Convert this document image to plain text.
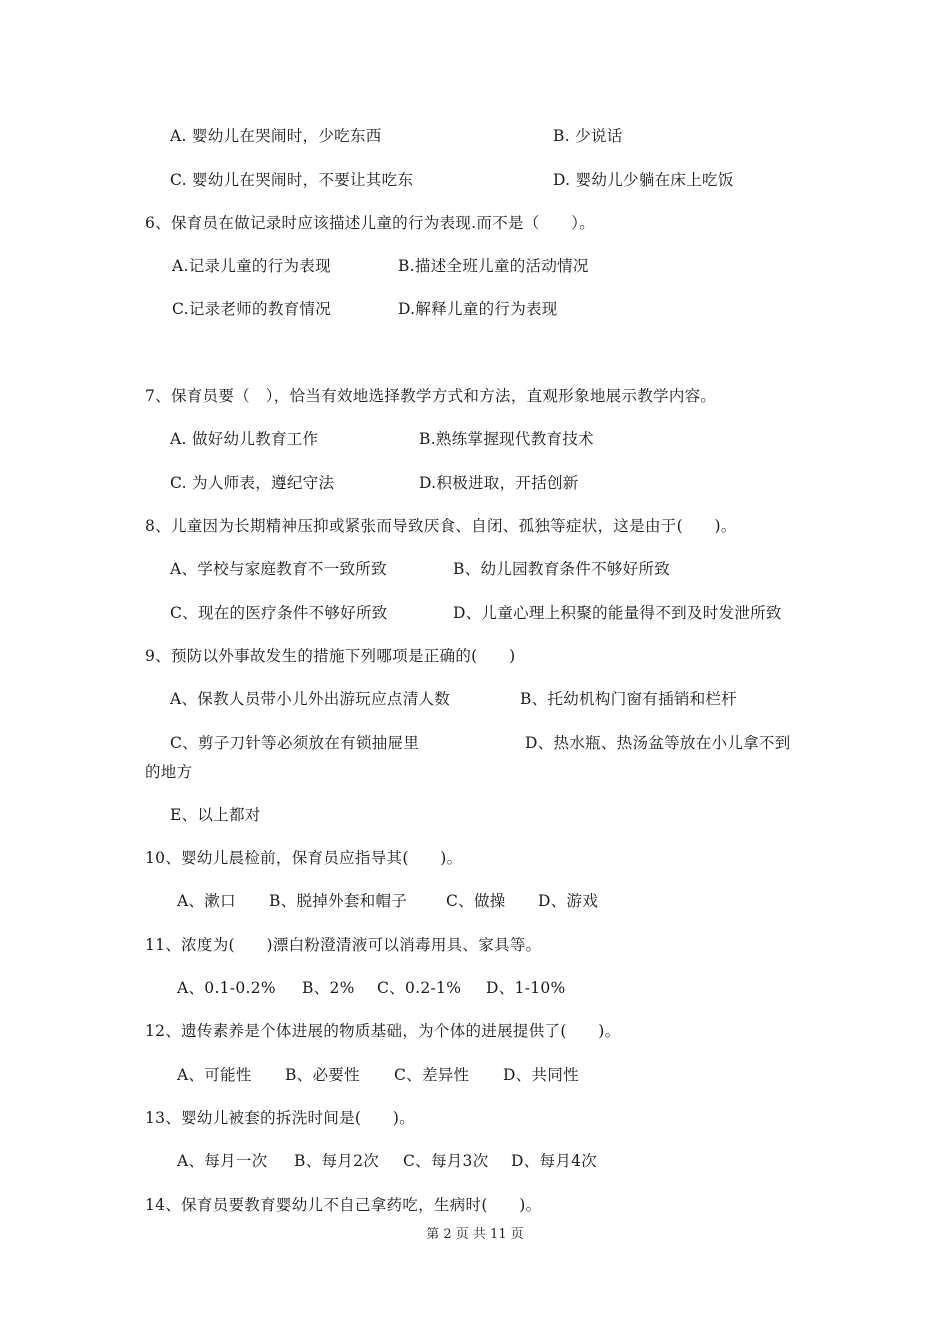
A. 婴幼儿在哭闹时，少吃东西	B. 少说话
C. 婴幼儿在哭闹时，不要让其吃东	D. 婴幼儿少躺在床上吃饭
6、保育员在做记录时应该描述儿童的行为表现.而不是（　　）。
A.记录儿童的行为表现	B.描述全班儿童的活动情况
C.记录老师的教育情况	D.解释儿童的行为表现
7、保育员要（　），恰当有效地选择教学方式和方法，直观形象地展示教学内容。
A. 做好幼儿教育工作	B.熟练掌握现代教育技术
C. 为人师表，遵纪守法	D.积极进取，开括创新
8、儿童因为长期精神压抑或紧张而导致厌食、自闭、孤独等症状，这是由于(　　)。
A、学校与家庭教育不一致所致	B、幼儿园教育条件不够好所致
C、现在的医疗条件不够好所致	D、儿童心理上积聚的能量得不到及时发泄所致
9、预防以外事故发生的措施下列哪项是正确的(　　)
A、保教人员带小儿外出游玩应点清人数	B、托幼机构门窗有插销和栏杆
C、剪子刀针等必须放在有锁抽屉里	D、热水瓶、热汤盆等放在小儿拿不到
的地方
E、以上都对
10、婴幼儿晨检前，保育员应指导其(　　)。
A、漱口 B、脱掉外套和帽子	C、做操 D、游戏
11、浓度为(　　)漂白粉澄清液可以消毒用具、家具等。
A、0.1-0.2% B、2% C、0.2-1% D、1-10%
12、遗传素养是个体进展的物质基础，为个体的进展提供了(　　)。
A、可能性 B、必要性 C、差异性 D、共同性
13、婴幼儿被套的拆洗时间是(　　)。
A、每月一次 B、每月2次 C、每月3次 D、每月4次
14、保育员要教育婴幼儿不自己拿药吃，生病时(　　)。
第 2 页 共 11 页
